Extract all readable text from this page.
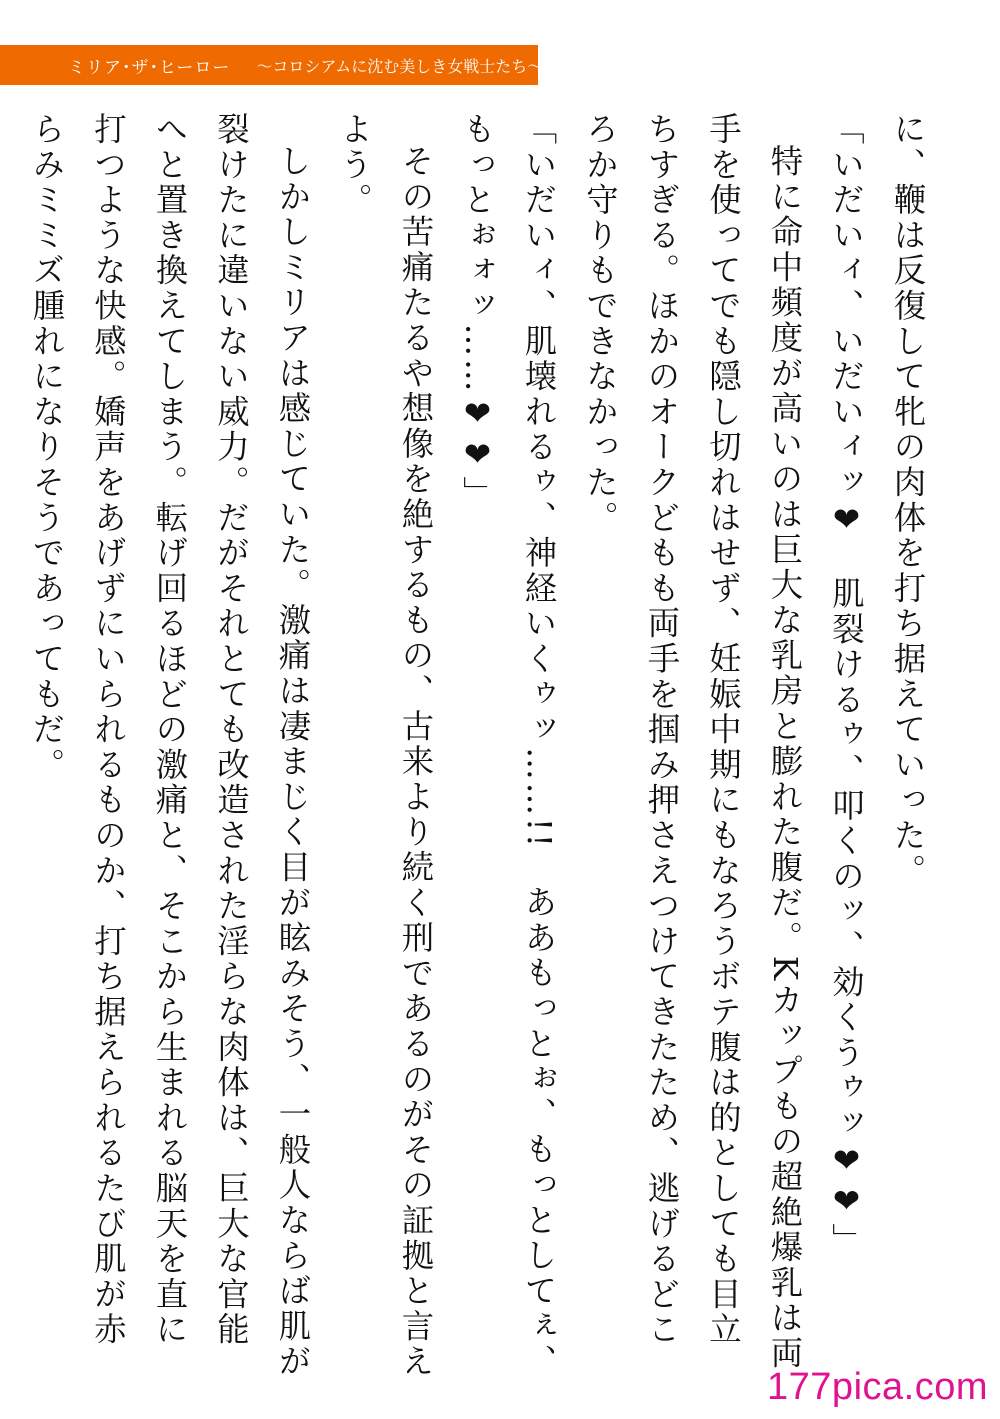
ミリア･ザ･ヒーロー ～コロシアムに沈む美しき女戦士たち～

に、鞭は反復して牝の肉体を打ち据えていった。

「いだいィ、いだいィッ❤　肌裂けるゥ、叩くのッ、効くうゥッ❤❤」

特に命中頻度が高いのは巨大な乳房と膨れた腹だ。Kカップもの超絶爆乳は両手を使ってでも隠し切れはせず、妊娠中期にもなろうボテ腹は的としても目立ちすぎる。ほかのオークどもも両手を掴み押さえつけてきたため、逃げるどころか守りもできなかった。

「いだいィ、肌壊れるゥ、神経いくゥッ……!!　ああもっとぉ、もっとしてぇ、もっとぉォッ……❤❤」

その苦痛たるや想像を絶するもの、古来より続く刑であるのがその証拠と言えよう。

しかしミリアは感じていた。激痛は凄まじく目が眩みそう、一般人ならば肌が裂けたに違いない威力。だがそれとても改造された淫らな肉体は、巨大な官能へと置き換えてしまう。転げ回るほどの激痛と、そこから生まれる脳天を直に打つような快感。嬌声をあげずにいられるものか、打ち据えられるたび肌が赤らみミミズ腫れになりそうであってもだ。

177pica.com
